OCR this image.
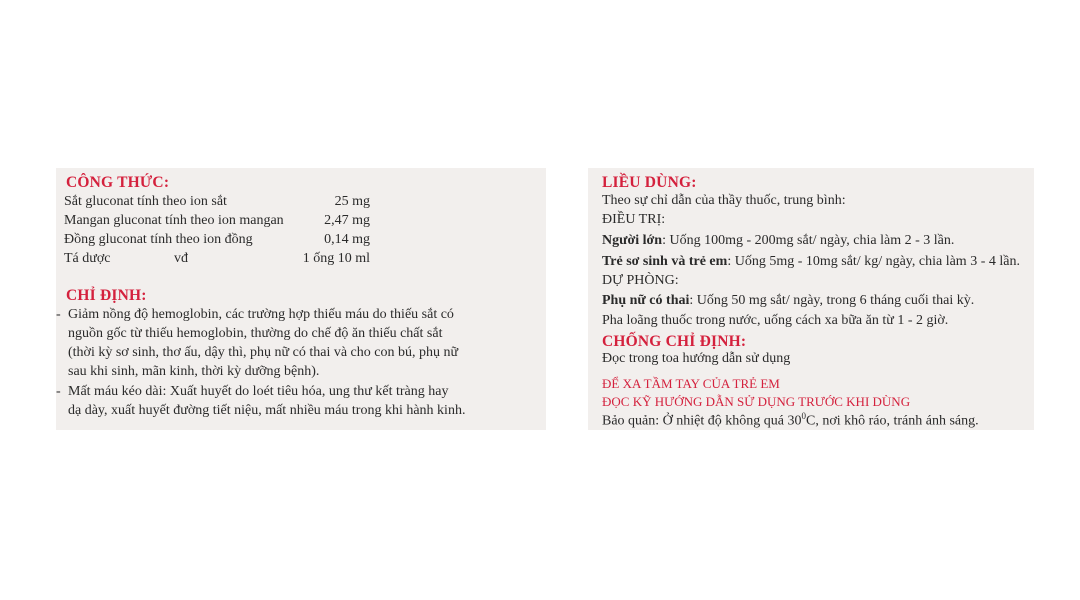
CÔNG THỨC:
Sắt gluconat tính theo ion sắt	25 mg
Mangan gluconat tính theo ion mangan	2,47 mg
Đồng gluconat tính theo ion đồng	0,14 mg
Tá dược	vđ	1 ống 10 ml
CHỈ ĐỊNH:
- Giảm nồng độ hemoglobin, các trường hợp thiếu máu do thiếu sắt có

nguồn gốc từ thiếu hemoglobin, thường do chế độ ăn thiếu chất sắt

(thời kỳ sơ sinh, thơ ấu, dậy thì, phụ nữ có thai và cho con bú, phụ nữ

sau khi sinh, mãn kinh, thời kỳ dưỡng bệnh).

- Mất máu kéo dài: Xuất huyết do loét tiêu hóa, ung thư kết tràng hay

dạ dày, xuất huyết đường tiết niệu, mất nhiều máu trong khi hành kinh.

LIỀU DÙNG:

Theo sự chỉ dẫn của thầy thuốc, trung bình:

ĐIỀU TRỊ:

Người lớn: Uống 100mg - 200mg sắt/ ngày, chia làm 2 - 3 lần.

Trẻ sơ sinh và trẻ em: Uống 5mg - 10mg sắt/ kg/ ngày, chia làm 3 - 4 lần.

DỰ PHÒNG:

Phụ nữ có thai: Uống 50 mg sắt/ ngày, trong 6 tháng cuối thai kỳ.

Pha loãng thuốc trong nước, uống cách xa bữa ăn từ 1 - 2 giờ.

CHỐNG CHỈ ĐỊNH:

Đọc trong toa hướng dẫn sử dụng

ĐỂ XA TẦM TAY CỦA TRẺ EM

ĐỌC KỸ HƯỚNG DẪN SỬ DỤNG TRƯỚC KHI DÙNG

Bảo quản: Ở nhiệt độ không quá $30^0C$, nơi khô ráo, tránh ánh sáng.
